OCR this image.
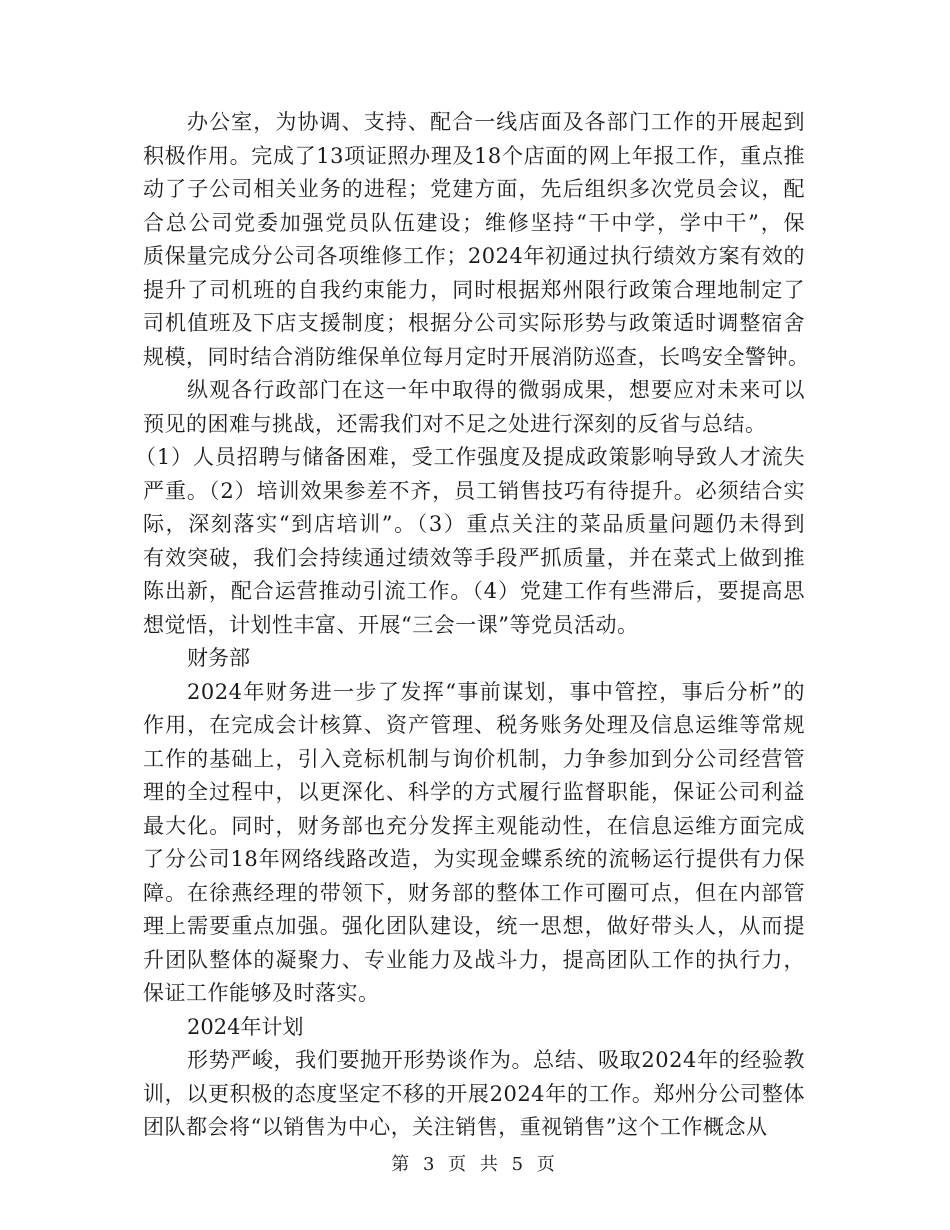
第 3 页 共 5 页
办公室，为协调、支持、配合一线店面及各部门工作的开展起到
积极作用。完成了13项证照办理及18个店面的网上年报工作，重点推
动了子公司相关业务的进程；党建方面，先后组织多次党员会议，配
合总公司党委加强党员队伍建设；维修坚持“干中学，学中干”，保
质保量完成分公司各项维修工作；2024年初通过执行绩效方案有效的
提升了司机班的自我约束能力，同时根据郑州限行政策合理地制定了
司机值班及下店支援制度；根据分公司实际形势与政策适时调整宿舍
规模，同时结合消防维保单位每月定时开展消防巡查，长鸣安全警钟。
纵观各行政部门在这一年中取得的微弱成果，想要应对未来可以
预见的困难与挑战，还需我们对不足之处进行深刻的反省与总结。
（1）人员招聘与储备困难，受工作强度及提成政策影响导致人才流失
严重。（2）培训效果参差不齐，员工销售技巧有待提升。必须结合实
际，深刻落实“到店培训”。（3）重点关注的菜品质量问题仍未得到
有效突破，我们会持续通过绩效等手段严抓质量，并在菜式上做到推
陈出新，配合运营推动引流工作。（4）党建工作有些滞后，要提高思
想觉悟，计划性丰富、开展“三会一课”等党员活动。
财务部
2024年财务进一步了发挥“事前谋划，事中管控，事后分析”的
作用，在完成会计核算、资产管理、税务账务处理及信息运维等常规
工作的基础上，引入竞标机制与询价机制，力争参加到分公司经营管
理的全过程中，以更深化、科学的方式履行监督职能，保证公司利益
最大化。同时，财务部也充分发挥主观能动性，在信息运维方面完成
了分公司18年网络线路改造，为实现金蝶系统的流畅运行提供有力保
障。在徐燕经理的带领下，财务部的整体工作可圈可点，但在内部管
理上需要重点加强。强化团队建设，统一思想，做好带头人，从而提
升团队整体的凝聚力、专业能力及战斗力，提高团队工作的执行力，
保证工作能够及时落实。
2024年计划
形势严峻，我们要抛开形势谈作为。总结、吸取2024年的经验教
训，以更积极的态度坚定不移的开展2024年的工作。郑州分公司整体
团队都会将“以销售为中心，关注销售，重视销售”这个工作概念从
